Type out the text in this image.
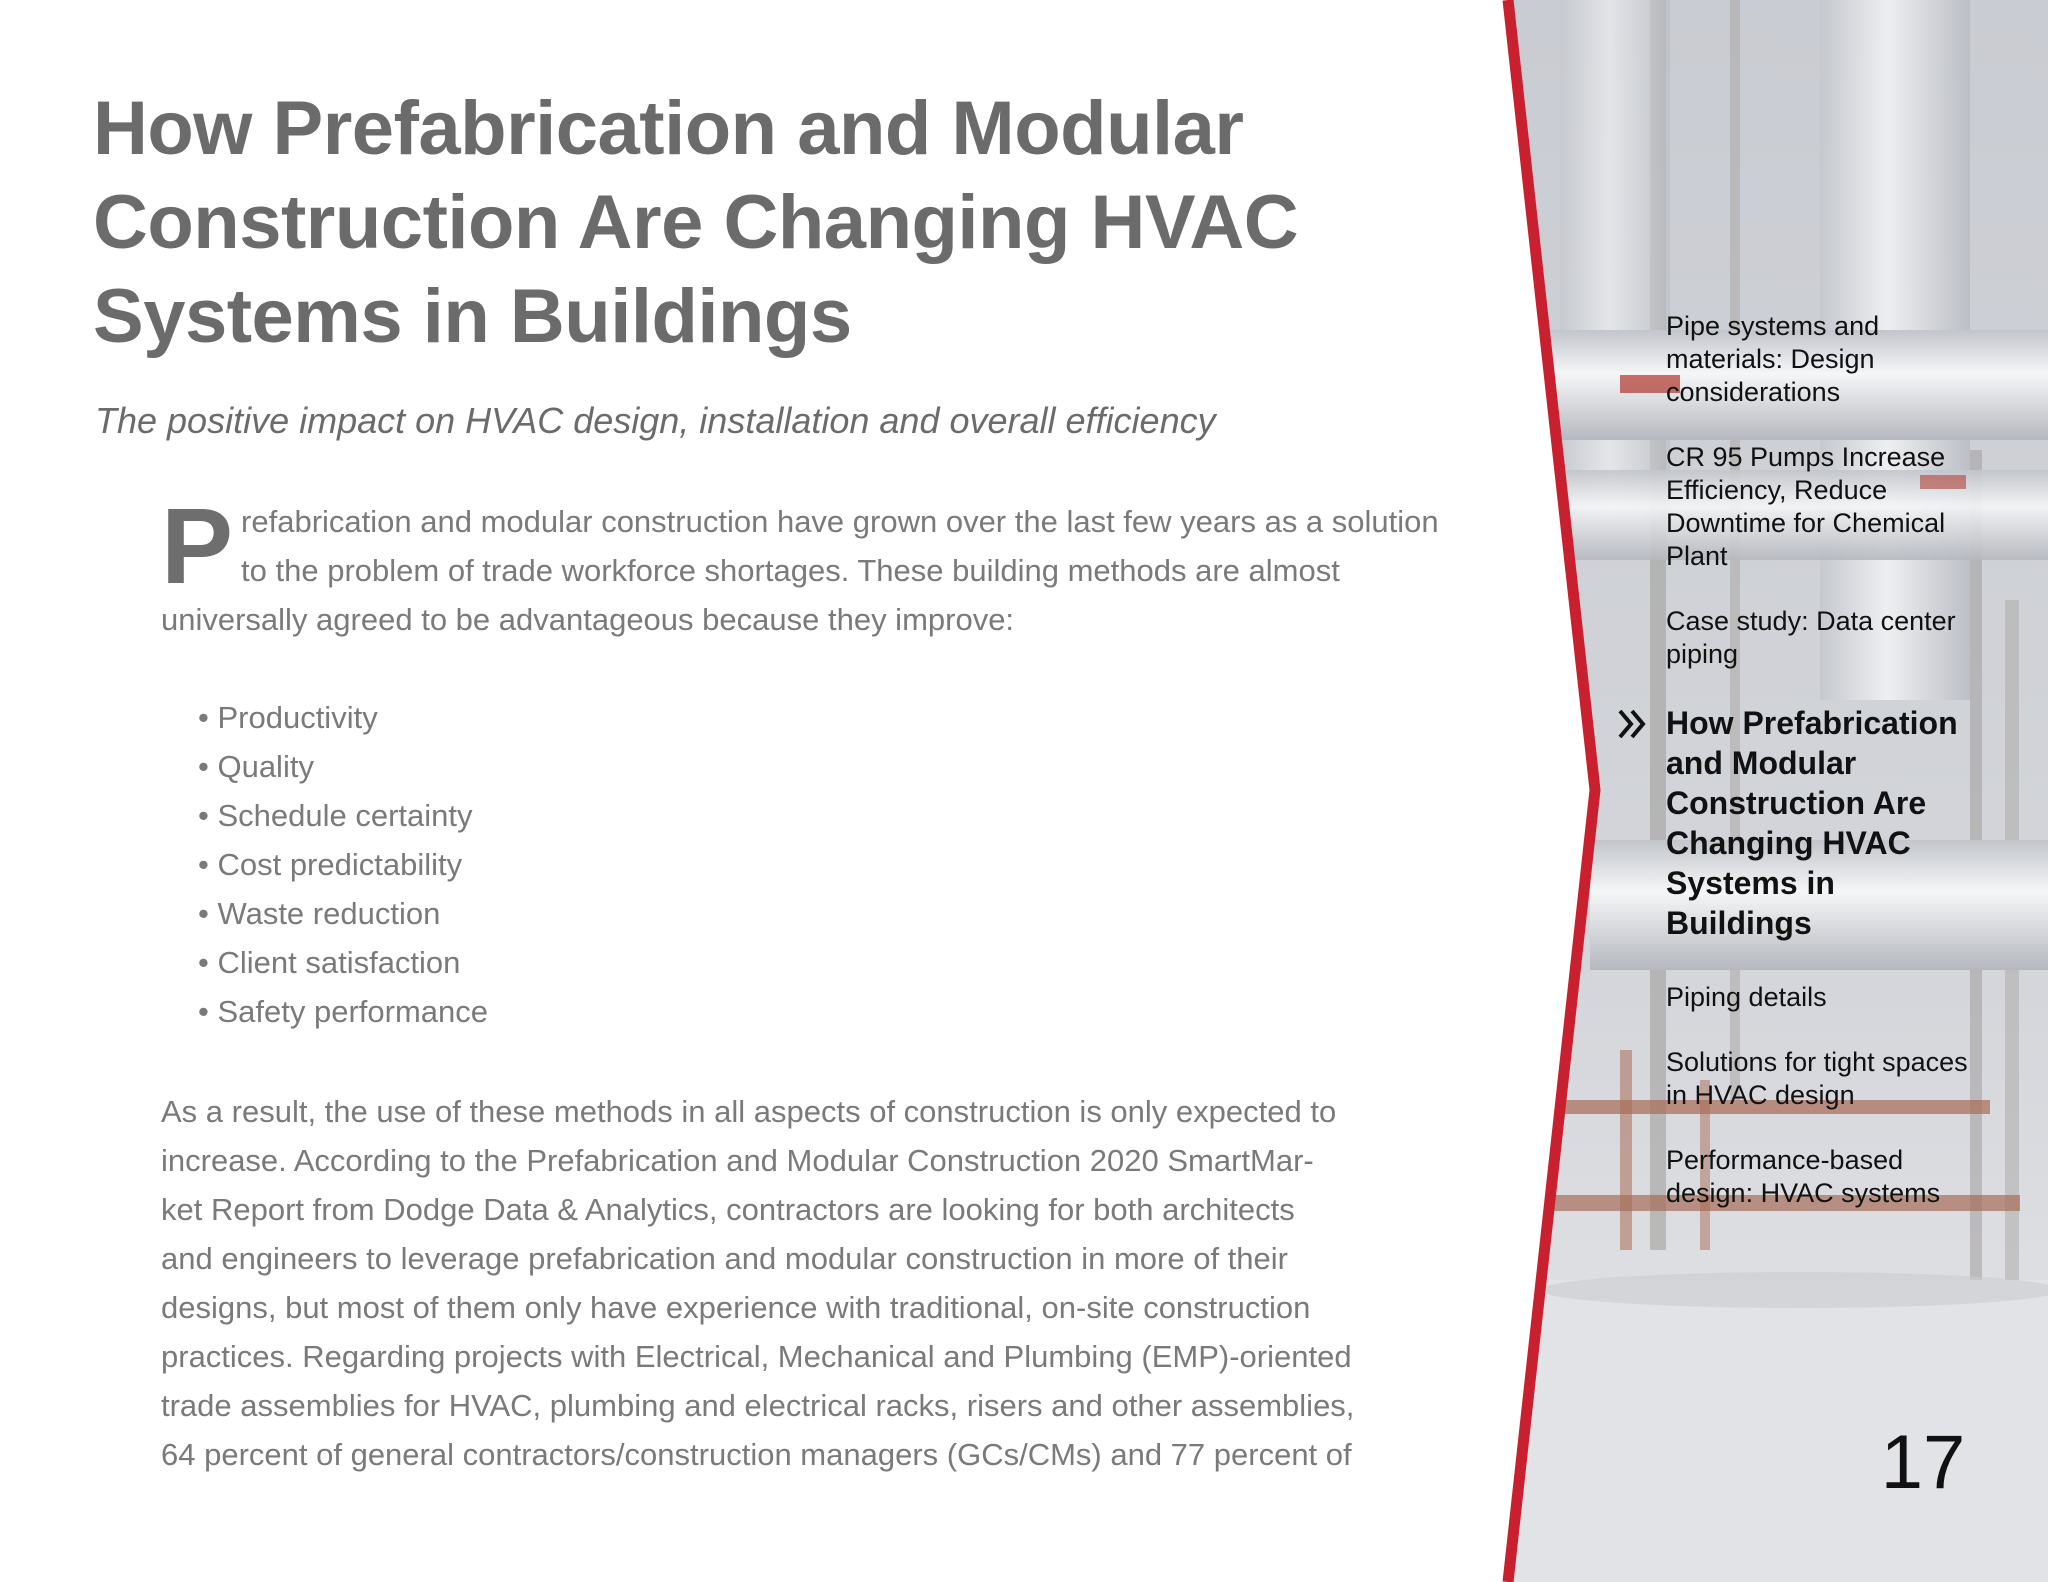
How Prefabrication and Modular Construction Are Changing HVAC Systems in Buildings

The positive impact on HVAC design, installation and overall efficiency

Prefabrication and modular construction have grown over the last few years as a solution to the problem of trade workforce shortages. These building methods are almost universally agreed to be advantageous because they improve:

• Productivity
• Quality
• Schedule certainty
• Cost predictability
• Waste reduction
• Client satisfaction
• Safety performance

As a result, the use of these methods in all aspects of construction is only expected to
increase. According to the Prefabrication and Modular Construction 2020 SmartMar-
ket Report from Dodge Data & Analytics, contractors are looking for both architects
and engineers to leverage prefabrication and modular construction in more of their
designs, but most of them only have experience with traditional, on-site construction
practices. Regarding projects with Electrical, Mechanical and Plumbing (EMP)-oriented
trade assemblies for HVAC, plumbing and electrical racks, risers and other assemblies,
64 percent of general contractors/construction managers (GCs/CMs) and 77 percent of

Pipe systems and materials: Design considerations
CR 95 Pumps Increase Efficiency, Reduce Downtime for Chemical Plant
Case study: Data center piping
How Prefabrication and Modular Construction Are Changing HVAC Systems in Buildings
Piping details
Solutions for tight spaces in HVAC design
Performance-based design: HVAC systems
17
